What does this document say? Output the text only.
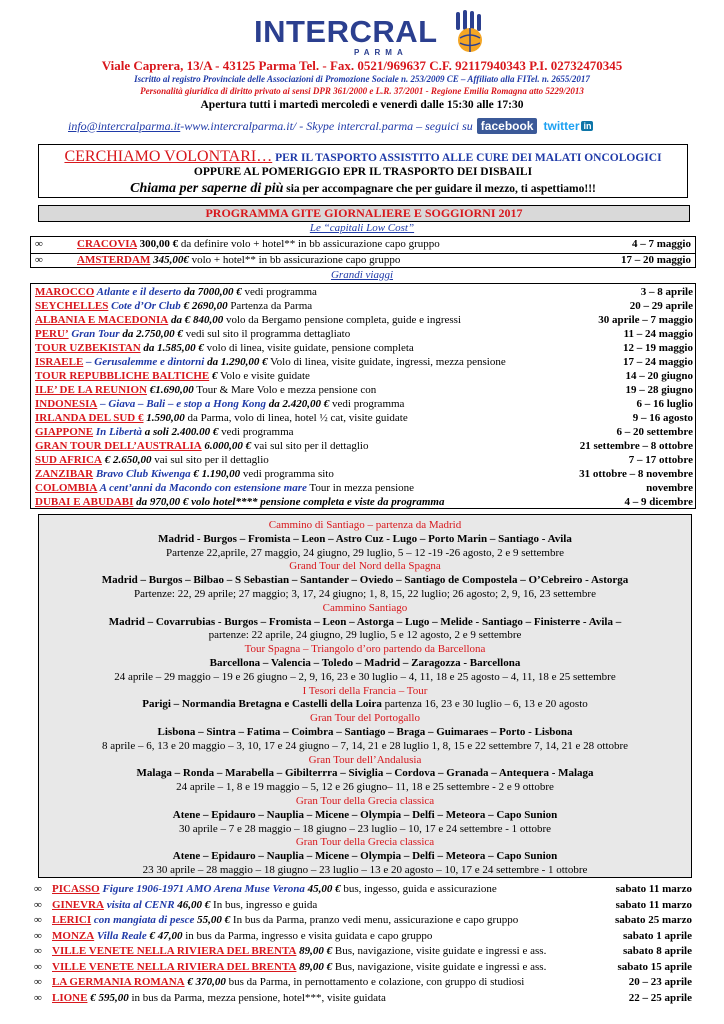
INTERCRAL
PARMA
Viale Caprera, 13/A - 43125 Parma Tel. - Fax. 0521/969637 C.F. 92117940343 P.I. 02732470345
Iscritto al registro Provinciale delle Associazioni di Promozione Sociale n. 253/2009 CE – Affiliato alla FITel. n. 2655/2017
Personalità giuridica di diritto privato ai sensi DPR 361/2000 e L.R. 37/2001 - Regione Emilia Romagna atto 5229/2013
Apertura tutti i martedì mercoledì e venerdì dalle 15:30 alle 17:30
info@intercralparma.it -www.intercralparma.it/ - Skype intercral.parma – seguici su facebook twitter in
CERCHIAMO VOLONTARI… PER IL TASPORTO ASSISTITO ALLE CURE DEI MALATI ONCOLOGICI
OPPURE AL POMERIGGIO EPR IL TRASPORTO DEI DISBAILI
Chiama per saperne di più sia per accompagnare che per guidare il mezzo, ti aspettiamo!!!
PROGRAMMA GITE GIORNALIERE E SOGGIORNI 2017
Le “capitali Low Cost”
∞	CRACOVIA 300,00 € da definire volo + hotel** in bb assicurazione capo gruppo	4 – 7 maggio
∞	AMSTERDAM 345,00€ volo + hotel** in bb assicurazione capo gruppo	17 – 20 maggio
Grandi viaggi
MAROCCO Atlante e il deserto da 7000,00 € vedi programma	3 – 8 aprile
SEYCHELLES Cote d’Or Club € 2690,00 Partenza da Parma	20 – 29 aprile
ALBANIA E MACEDONIA da € 840,00 volo da Bergamo pensione completa, guide e ingressi	30 aprile – 7 maggio
PERU’ Gran Tour da 2.750,00 € vedi sul sito il programma dettagliato	11 – 24 maggio
TOUR UZBEKISTAN da 1.585,00 € volo di linea, visite guidate, pensione completa	12 – 19 maggio
ISRAELE – Gerusalemme e dintorni da 1.290,00 € Volo di linea, visite guidate, ingressi, mezza pensione	17 – 24 maggio
TOUR REPUBBLICHE BALTICHE € Volo e visite guidate	14 – 20 giugno
ILE’ DE LA REUNION €1.690,00 Tour & Mare Volo e mezza pensione con	19 – 28 giugno
INDONESIA – Giava – Bali – e stop a Hong Kong da 2.420,00 € vedi programma	6 – 16 luglio
IRLANDA DEL SUD € 1.590,00 da Parma, volo di linea, hotel ½ cat, visite guidate	9 – 16 agosto
GIAPPONE In Libertà a soli 2.400.00 € vedi programma	6 – 20 settembre
GRAN TOUR DELL’AUSTRALIA 6.000,00 € vai sul sito per il dettaglio	21 settembre – 8 ottobre
SUD AFRICA € 2.650,00 vai sul sito per il dettaglio	7 – 17 ottobre
ZANZIBAR Bravo Club Kiwenga € 1.190,00 vedi programma sito	31 ottobre – 8 novembre
COLOMBIA A cent’anni da Macondo con estensione mare Tour in mezza pensione	novembre
DUBAI E ABUDABI da 970,00 € volo hotel**** pensione completa e viste da programma	4 – 9 dicembre
Cammino di Santiago – partenza da Madrid
Madrid - Burgos – Fromista – Leon – Astro Cuz - Lugo – Porto Marin – Santiago - Avila
Partenze 22,aprile, 27 maggio, 24 giugno, 29 luglio, 5 – 12 -19 -26 agosto, 2 e 9 settembre
Grand Tour del Nord della Spagna
Madrid – Burgos – Bilbao – S Sebastian – Santander – Oviedo – Santiago de Compostela – O’Cebreiro - Astorga
Partenze: 22, 29 aprile; 27 maggio; 3, 17, 24 giugno; 1, 8, 15, 22 luglio; 26 agosto; 2, 9, 16, 23 settembre
Cammino Santiago
Madrid – Covarrubias - Burgos – Fromista – Leon – Astorga – Lugo – Melide - Santiago – Finisterre - Avila –
partenze: 22 aprile, 24 giugno, 29 luglio, 5 e 12 agosto, 2 e 9 settembre
Tour Spagna – Triangolo d’oro partendo da Barcellona
Barcellona – Valencia – Toledo – Madrid – Zaragozza - Barcellona
24 aprile – 29 maggio – 19 e 26 giugno – 2, 9, 16, 23 e 30 luglio – 4, 11, 18 e 25 agosto – 4, 11, 18 e 25 settembre
I Tesori della Francia – Tour
Parigi – Normandia Bretagna e Castelli della Loira partenza 16, 23 e 30 luglio – 6, 13 e 20 agosto
Gran Tour del Portogallo
Lisbona – Sintra – Fatima – Coimbra – Santiago – Braga – Guimaraes – Porto - Lisbona
8 aprile – 6, 13 e 20 maggio – 3, 10, 17 e 24 giugno – 7, 14, 21 e 28 luglio 1, 8, 15 e 22 settembre 7, 14, 21 e 28 ottobre
Gran Tour dell’Andalusia
Malaga – Ronda – Marabella – Gibilterrra – Siviglia – Cordova – Granada – Antequera - Malaga
24 aprile – 1, 8 e 19 maggio – 5, 12 e 26 giugno– 11, 18 e 25 settembre - 2 e 9 ottobre
Gran Tour della Grecia classica
Atene – Epidauro – Nauplia – Micene – Olympia – Delfi – Meteora – Capo Sunion
30 aprile – 7 e 28 maggio – 18 giugno – 23 luglio – 10, 17 e 24 settembre - 1 ottobre
Gran Tour della Grecia classica
Atene – Epidauro – Nauplia – Micene – Olympia – Delfi – Meteora – Capo Sunion
23 30 aprile – 28 maggio – 18 giugno – 23 luglio – 13 e 20 agosto – 10, 17 e 24 settembre - 1 ottobre
∞ PICASSO Figure 1906-1971 AMO Arena Muse Verona 45,00 € bus, ingesso, guida e assicurazione	sabato 11 marzo
∞ GINEVRA visita al CENR 46,00 € In bus, ingresso e guida	sabato 11 marzo
∞ LERICI con mangiata di pesce 55,00 € In bus da Parma, pranzo vedi menu, assicurazione e capo gruppo	sabato 25 marzo
∞ MONZA Villa Reale € 47,00 in bus da Parma, ingresso e visita guidata e capo gruppo	sabato 1 aprile
∞ VILLE VENETE NELLA RIVIERA DEL BRENTA 89,00 € Bus, navigazione, visite guidate e ingressi e ass.	sabato 8 aprile
∞ VILLE VENETE NELLA RIVIERA DEL BRENTA 89,00 € Bus, navigazione, visite guidate e ingressi e ass.	sabato 15 aprile
∞ LA GERMANIA ROMANA € 370,00 bus da Parma, in pernottamento e colazione, con gruppo di studiosi	20 – 23 aprile
∞ LIONE € 595,00 in bus da Parma, mezza pensione, hotel***, visite guidata	22 – 25 aprile
